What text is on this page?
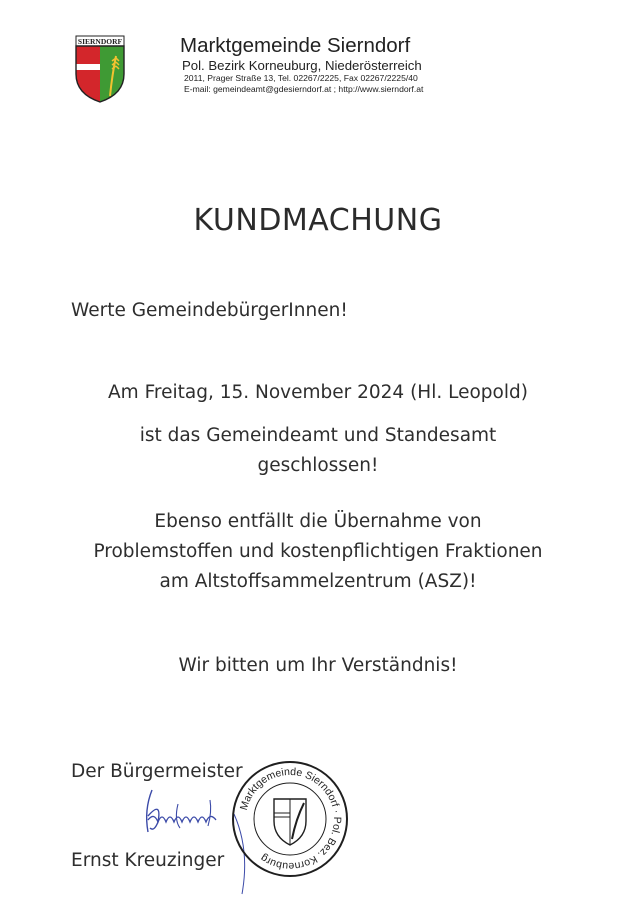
SIERNDORF	Marktgemeinde Sierndorf
Pol. Bezirk Korneuburg, Niederösterreich
2011, Prager Straße 13, Tel. 02267/2225, Fax 02267/2225/40
E-mail: gemeindeamt@gdesierndorf.at ; http://www.sierndorf.at
KUNDMACHUNG
Werte GemeindebürgerInnen!
Am Freitag, 15. November 2024 (Hl. Leopold)
ist das Gemeindeamt und Standesamt
geschlossen!
Ebenso entfällt die Übernahme von
Problemstoffen und kostenpflichtigen Fraktionen
am Altstoffsammelzentrum (ASZ)!
Wir bitten um Ihr Verständnis!
Der Bürgermeister
Marktgemeinde Sierndorf · Pol. Bez. Korneuburg
Ernst Kreuzinger
